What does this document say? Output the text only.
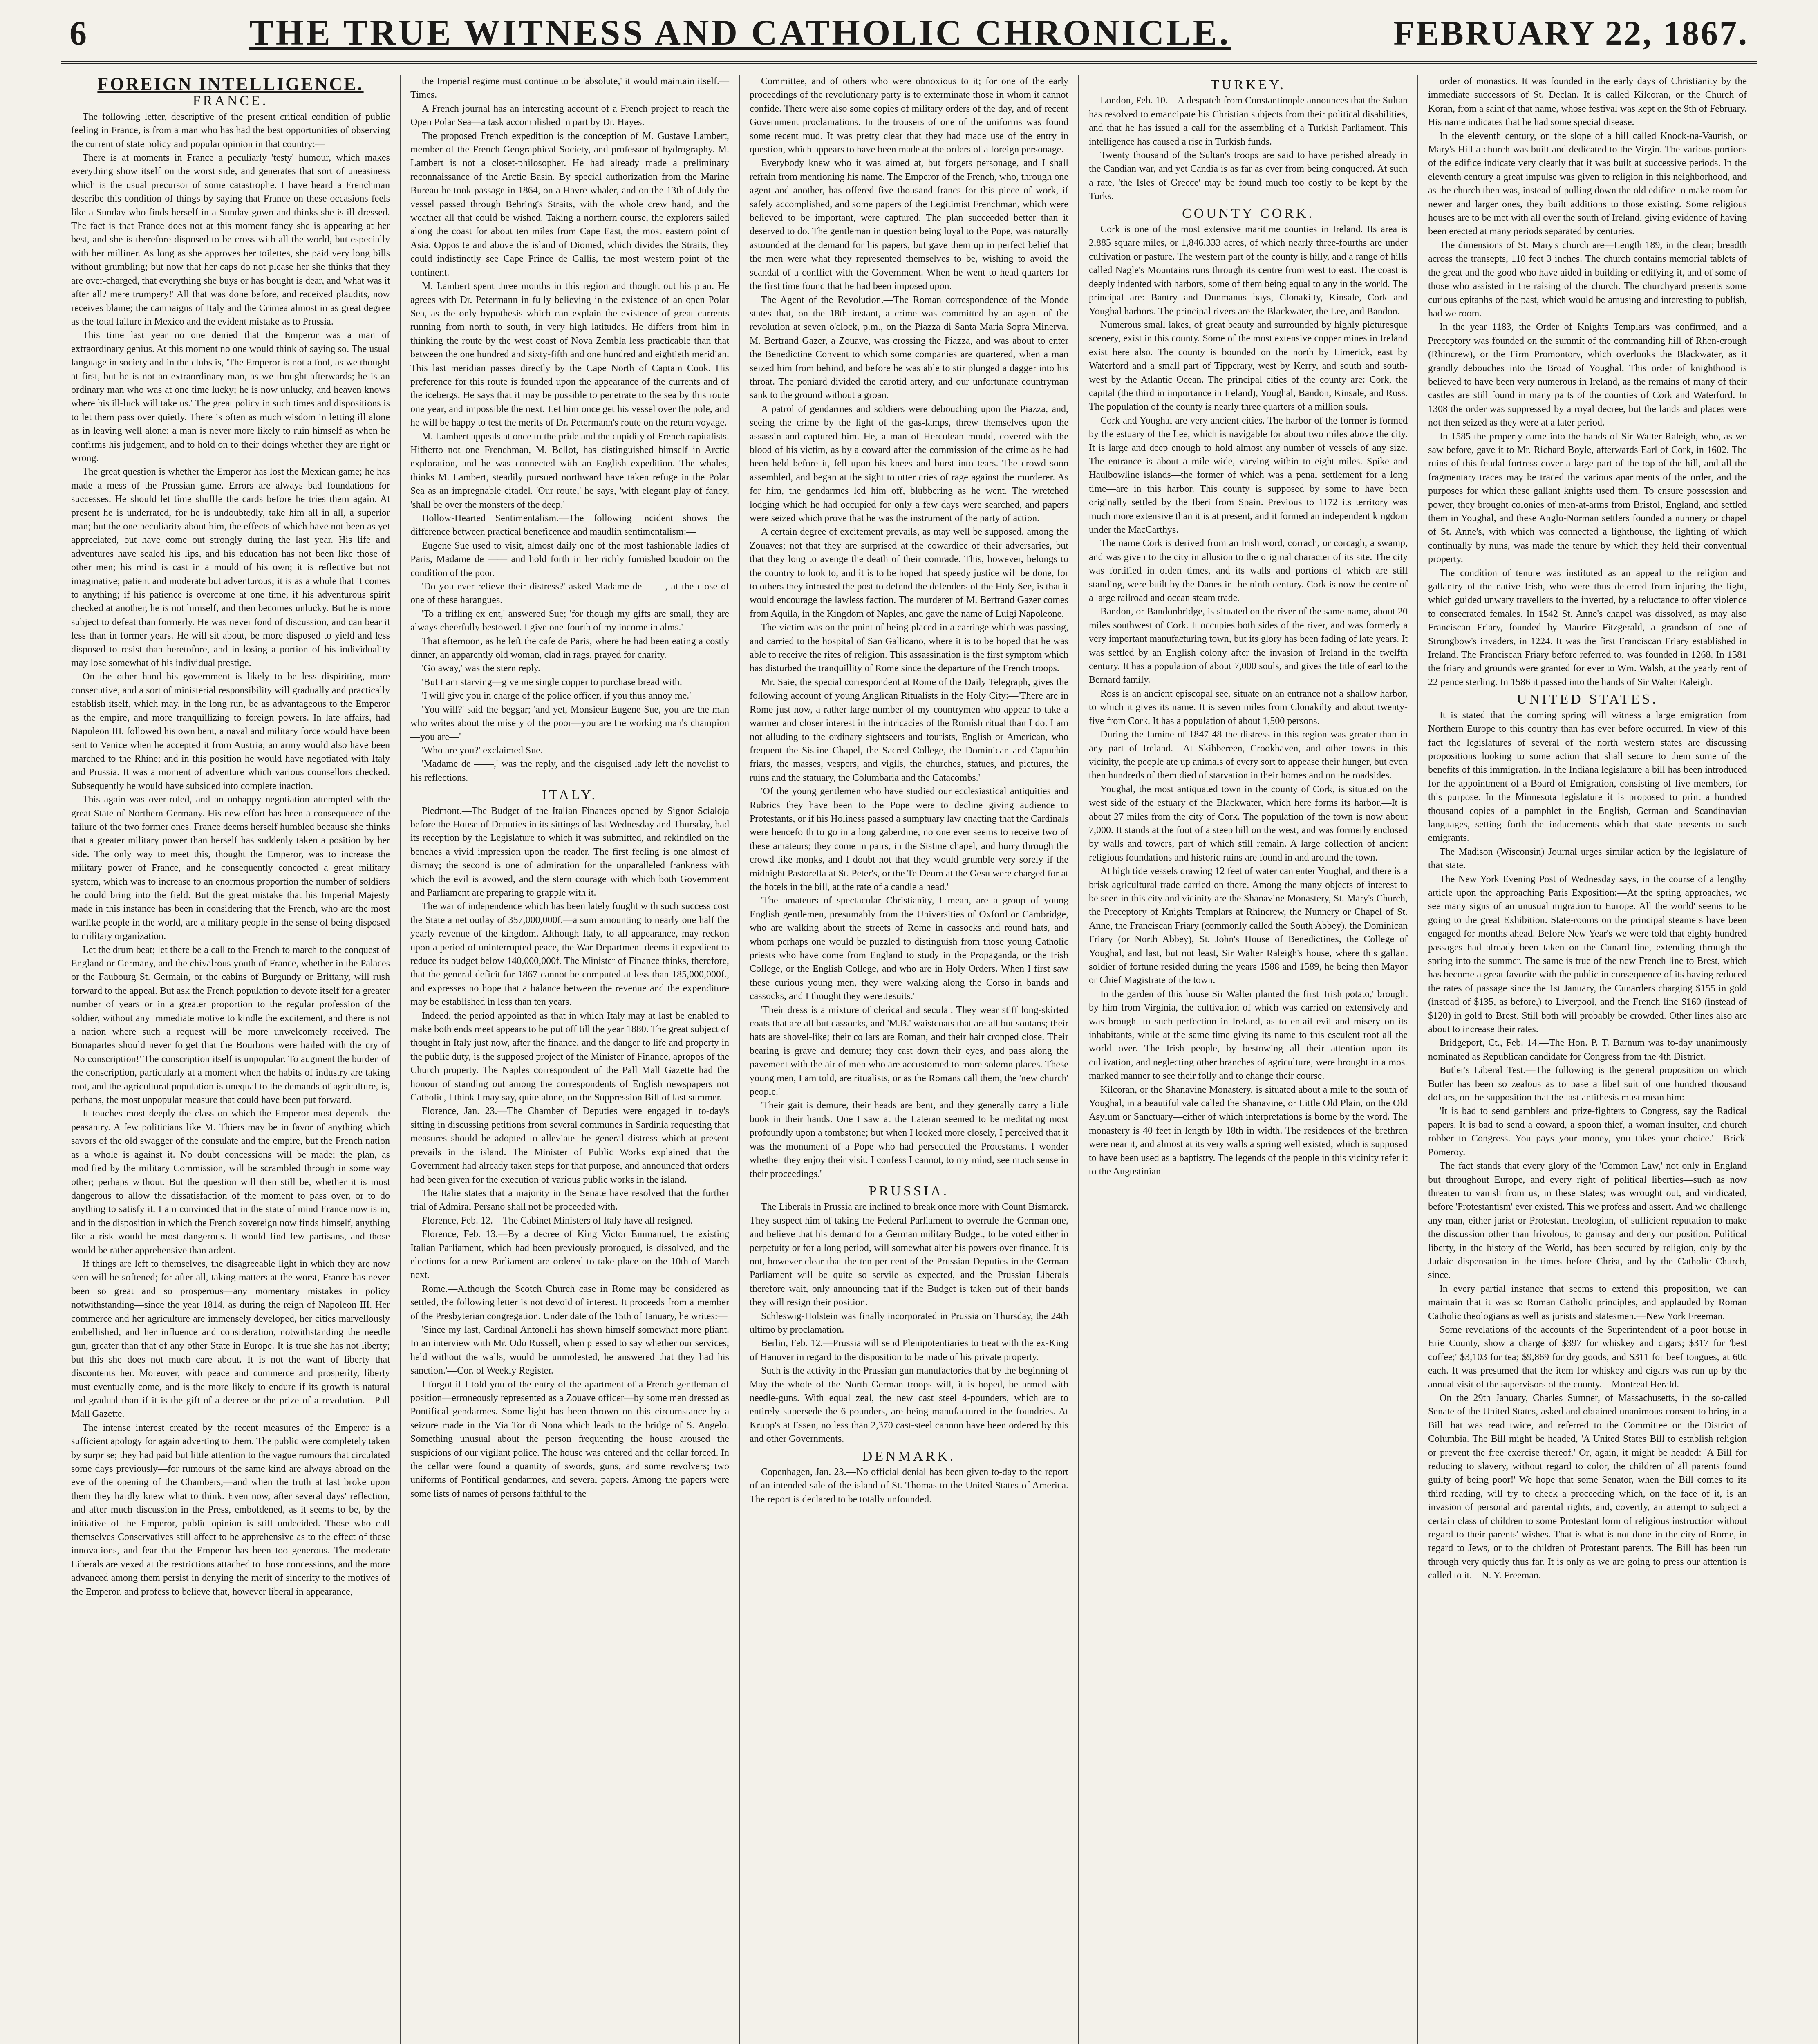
6	THE TRUE WITNESS AND CATHOLIC CHRONICLE.	FEBRUARY 22, 1867.
FOREIGN INTELLIGENCE.
FRANCE.

The following letter, descriptive of the present critical condition of public feeling in France, is from a man who has had the best opportunities of observing the current of state policy and popular opinion in that country:—

There is at moments in France a peculiarly 'testy' humour, which makes everything show itself on the worst side, and generates that sort of uneasiness which is the usual precursor of some catastrophe. I have heard a Frenchman describe this condition of things by saying that France on these occasions feels like a Sunday who finds herself in a Sunday gown and thinks she is ill-dressed. The fact is that France does not at this moment fancy she is appearing at her best, and she is therefore disposed to be cross with all the world, but especially with her milliner. As long as she approves her toilettes, she paid very long bills without grumbling; but now that her caps do not please her she thinks that they are over-charged, that everything she buys or has bought is dear, and 'what was it after all? mere trumpery!' All that was done before, and received plaudits, now receives blame; the campaigns of Italy and the Crimea almost in as great degree as the total failure in Mexico and the evident mistake as to Prussia.

This time last year no one denied that the Emperor was a man of extraordinary genius. At this moment no one would think of saying so. The usual language in society and in the clubs is, 'The Emperor is not a fool, as we thought at first, but he is not an extraordinary man, as we thought afterwards; he is an ordinary man who was at one time lucky; he is now unlucky, and heaven knows where his ill-luck will take us.' The great policy in such times and dispositions is to let them pass over quietly. There is often as much wisdom in letting ill alone as in leaving well alone; a man is never more likely to ruin himself as when he confirms his judgement, and to hold on to their doings whether they are right or wrong.

The great question is whether the Emperor has lost the Mexican game; he has made a mess of the Prussian game. Errors are always bad foundations for successes. He should let time shuffle the cards before he tries them again. At present he is underrated, for he is undoubtedly, take him all in all, a superior man; but the one peculiarity about him, the effects of which have not been as yet appreciated, but have come out strongly during the last year. His life and adventures have sealed his lips, and his education has not been like those of other men; his mind is cast in a mould of his own; it is reflective but not imaginative; patient and moderate but adventurous; it is as a whole that it comes to anything; if his patience is overcome at one time, if his adventurous spirit checked at another, he is not himself, and then becomes unlucky. But he is more subject to defeat than formerly. He was never fond of discussion, and can bear it less than in former years. He will sit about, be more disposed to yield and less disposed to resist than heretofore, and in losing a portion of his individuality may lose somewhat of his individual prestige.

On the other hand his government is likely to be less dispiriting, more consecutive, and a sort of ministerial responsibility will gradually and practically establish itself, which may, in the long run, be as advantageous to the Emperor as the empire, and more tranquillizing to foreign powers. In late affairs, had Napoleon III. followed his own bent, a naval and military force would have been sent to Venice when he accepted it from Austria; an army would also have been marched to the Rhine; and in this position he would have negotiated with Italy and Prussia. It was a moment of adventure which various counsellors checked. Subsequently he would have subsided into complete inaction.

This again was over-ruled, and an unhappy negotiation attempted with the great State of Northern Germany. His new effort has been a consequence of the failure of the two former ones. France deems herself humbled because she thinks that a greater military power than herself has suddenly taken a position by her side. The only way to meet this, thought the Emperor, was to increase the military power of France, and he consequently concocted a great military system, which was to increase to an enormous proportion the number of soldiers he could bring into the field. But the great mistake that his Imperial Majesty made in this instance has been in considering that the French, who are the most warlike people in the world, are a military people in the sense of being disposed to military organization.

Let the drum beat; let there be a call to the French to march to the conquest of England or Germany, and the chivalrous youth of France, whether in the Palaces or the Faubourg St. Germain, or the cabins of Burgundy or Brittany, will rush forward to the appeal. But ask the French population to devote itself for a greater number of years or in a greater proportion to the regular profession of the soldier, without any immediate motive to kindle the excitement, and there is not a nation where such a request will be more unwelcomely received. The Bonapartes should never forget that the Bourbons were hailed with the cry of 'No conscription!' The conscription itself is unpopular. To augment the burden of the conscription, particularly at a moment when the habits of industry are taking root, and the agricultural population is unequal to the demands of agriculture, is, perhaps, the most unpopular measure that could have been put forward.

It touches most deeply the class on which the Emperor most depends—the peasantry. A few politicians like M. Thiers may be in favor of anything which savors of the old swagger of the consulate and the empire, but the French nation as a whole is against it. No doubt concessions will be made; the plan, as modified by the military Commission, will be scrambled through in some way other; perhaps without. But the question will then still be, whether it is most dangerous to allow the dissatisfaction of the moment to pass over, or to do anything to satisfy it. I am convinced that in the state of mind France now is in, and in the disposition in which the French sovereign now finds himself, anything like a risk would be most dangerous. It would find few partisans, and those would be rather apprehensive than ardent.

If things are left to themselves, the disagreeable light in which they are now seen will be softened; for after all, taking matters at the worst, France has never been so great and so prosperous—any momentary mistakes in policy notwithstanding—since the year 1814, as during the reign of Napoleon III. Her commerce and her agriculture are immensely developed, her cities marvellously embellished, and her influence and consideration, notwithstanding the needle gun, greater than that of any other State in Europe. It is true she has not liberty; but this she does not much care about. It is not the want of liberty that discontents her. Moreover, with peace and commerce and prosperity, liberty must eventually come, and is the more likely to endure if its growth is natural and gradual than if it is the gift of a decree or the prize of a revolution.—Pall Mall Gazette.

The intense interest created by the recent measures of the Emperor is a sufficient apology for again adverting to them. The public were completely taken by surprise; they had paid but little attention to the vague rumours that circulated some days previously—for rumours of the same kind are always abroad on the eve of the opening of the Chambers,—and when the truth at last broke upon them they hardly knew what to think. Even now, after several days' reflection, and after much discussion in the Press, emboldened, as it seems to be, by the initiative of the Emperor, public opinion is still undecided. Those who call themselves Conservatives still affect to be apprehensive as to the effect of these innovations, and fear that the Emperor has been too generous. The moderate Liberals are vexed at the restrictions attached to those concessions, and the more advanced among them persist in denying the merit of sincerity to the motives of the Emperor, and profess to believe that, however liberal in appearance,

the Imperial regime must continue to be 'absolute,' it would maintain itself.—Times.

A French journal has an interesting account of a French project to reach the Open Polar Sea—a task accomplished in part by Dr. Hayes.

The proposed French expedition is the conception of M. Gustave Lambert, member of the French Geographical Society, and professor of hydrography. M. Lambert is not a closet-philosopher. He had already made a preliminary reconnaissance of the Arctic Basin. By special authorization from the Marine Bureau he took passage in 1864, on a Havre whaler, and on the 13th of July the vessel passed through Behring's Straits, with the whole crew hand, and the weather all that could be wished. Taking a northern course, the explorers sailed along the coast for about ten miles from Cape East, the most eastern point of Asia. Opposite and above the island of Diomed, which divides the Straits, they could indistinctly see Cape Prince de Gallis, the most western point of the continent.

M. Lambert spent three months in this region and thought out his plan. He agrees with Dr. Petermann in fully believing in the existence of an open Polar Sea, as the only hypothesis which can explain the existence of great currents running from north to south, in very high latitudes. He differs from him in thinking the route by the west coast of Nova Zembla less practicable than that between the one hundred and sixty-fifth and one hundred and eightieth meridian. This last meridian passes directly by the Cape North of Captain Cook. His preference for this route is founded upon the appearance of the currents and of the icebergs. He says that it may be possible to penetrate to the sea by this route one year, and impossible the next. Let him once get his vessel over the pole, and he will be happy to test the merits of Dr. Petermann's route on the return voyage.

M. Lambert appeals at once to the pride and the cupidity of French capitalists. Hitherto not one Frenchman, M. Bellot, has distinguished himself in Arctic exploration, and he was connected with an English expedition. The whales, thinks M. Lambert, steadily pursued northward have taken refuge in the Polar Sea as an impregnable citadel. 'Our route,' he says, 'with elegant play of fancy, 'shall be over the monsters of the deep.'

Hollow-Hearted Sentimentalism.—The following incident shows the difference between practical beneficence and maudlin sentimentalism:—

Eugene Sue used to visit, almost daily one of the most fashionable ladies of Paris, Madame de —— and hold forth in her richly furnished boudoir on the condition of the poor.

'Do you ever relieve their distress?' asked Madame de ——, at the close of one of these harangues.

'To a trifling ex ent,' answered Sue; 'for though my gifts are small, they are always cheerfully bestowed. I give one-fourth of my income in alms.'

That afternoon, as he left the cafe de Paris, where he had been eating a costly dinner, an apparently old woman, clad in rags, prayed for charity.

'Go away,' was the stern reply.

'But I am starving—give me single copper to purchase bread with.'

'I will give you in charge of the police officer, if you thus annoy me.'

'You will?' said the beggar; 'and yet, Monsieur Eugene Sue, you are the man who writes about the misery of the poor—you are the working man's champion—you are—'

'Who are you?' exclaimed Sue.

'Madame de ——,' was the reply, and the disguised lady left the novelist to his reflections.

ITALY.

Piedmont.—The Budget of the Italian Finances opened by Signor Scialoja before the House of Deputies in its sittings of last Wednesday and Thursday, had its reception by the Legislature to which it was submitted, and rekindled on the benches a vivid impression upon the reader. The first feeling is one almost of dismay; the second is one of admiration for the unparalleled frankness with which the evil is avowed, and the stern courage with which both Government and Parliament are preparing to grapple with it.

The war of independence which has been lately fought with such success cost the State a net outlay of 357,000,000f.—a sum amounting to nearly one half the yearly revenue of the kingdom. Although Italy, to all appearance, may reckon upon a period of uninterrupted peace, the War Department deems it expedient to reduce its budget below 140,000,000f. The Minister of Finance thinks, therefore, that the general deficit for 1867 cannot be computed at less than 185,000,000f., and expresses no hope that a balance between the revenue and the expenditure may be established in less than ten years.

Indeed, the period appointed as that in which Italy may at last be enabled to make both ends meet appears to be put off till the year 1880. The great subject of thought in Italy just now, after the finance, and the danger to life and property in the public duty, is the supposed project of the Minister of Finance, apropos of the Church property. The Naples correspondent of the Pall Mall Gazette had the honour of standing out among the correspondents of English newspapers not Catholic, I think I may say, quite alone, on the Suppression Bill of last summer.

Florence, Jan. 23.—The Chamber of Deputies were engaged in to-day's sitting in discussing petitions from several communes in Sardinia requesting that measures should be adopted to alleviate the general distress which at present prevails in the island. The Minister of Public Works explained that the Government had already taken steps for that purpose, and announced that orders had been given for the execution of various public works in the island.

The Italie states that a majority in the Senate have resolved that the further trial of Admiral Persano shall not be proceeded with.

Florence, Feb. 12.—The Cabinet Ministers of Italy have all resigned.

Florence, Feb. 13.—By a decree of King Victor Emmanuel, the existing Italian Parliament, which had been previously prorogued, is dissolved, and the elections for a new Parliament are ordered to take place on the 10th of March next.

Rome.—Although the Scotch Church case in Rome may be considered as settled, the following letter is not devoid of interest. It proceeds from a member of the Presbyterian congregation. Under date of the 15th of January, he writes:—

'Since my last, Cardinal Antonelli has shown himself somewhat more pliant. In an interview with Mr. Odo Russell, when pressed to say whether our services, held without the walls, would be unmolested, he answered that they had his sanction.'—Cor. of Weekly Register.

I forgot if I told you of the entry of the apartment of a French gentleman of position—erroneously represented as a Zouave officer—by some men dressed as Pontifical gendarmes. Some light has been thrown on this circumstance by a seizure made in the Via Tor di Nona which leads to the bridge of S. Angelo. Something unusual about the person frequenting the house aroused the suspicions of our vigilant police. The house was entered and the cellar forced. In the cellar were found a quantity of swords, guns, and some revolvers; two uniforms of Pontifical gendarmes, and several papers. Among the papers were some lists of names of persons faithful to the

Committee, and of others who were obnoxious to it; for one of the early proceedings of the revolutionary party is to exterminate those in whom it cannot confide. There were also some copies of military orders of the day, and of recent Government proclamations. In the trousers of one of the uniforms was found some recent mud. It was pretty clear that they had made use of the entry in question, which appears to have been made at the orders of a foreign personage.

Everybody knew who it was aimed at, but forgets personage, and I shall refrain from mentioning his name. The Emperor of the French, who, through one agent and another, has offered five thousand francs for this piece of work, if safely accomplished, and some papers of the Legitimist Frenchman, which were believed to be important, were captured. The plan succeeded better than it deserved to do. The gentleman in question being loyal to the Pope, was naturally astounded at the demand for his papers, but gave them up in perfect belief that the men were what they represented themselves to be, wishing to avoid the scandal of a conflict with the Government. When he went to head quarters for the first time found that he had been imposed upon.

The Agent of the Revolution.—The Roman correspondence of the Monde states that, on the 18th instant, a crime was committed by an agent of the revolution at seven o'clock, p.m., on the Piazza di Santa Maria Sopra Minerva. M. Bertrand Gazer, a Zouave, was crossing the Piazza, and was about to enter the Benedictine Convent to which some companies are quartered, when a man seized him from behind, and before he was able to stir plunged a dagger into his throat. The poniard divided the carotid artery, and our unfortunate countryman sank to the ground without a groan.

A patrol of gendarmes and soldiers were debouching upon the Piazza, and, seeing the crime by the light of the gas-lamps, threw themselves upon the assassin and captured him. He, a man of Herculean mould, covered with the blood of his victim, as by a coward after the commission of the crime as he had been held before it, fell upon his knees and burst into tears. The crowd soon assembled, and began at the sight to utter cries of rage against the murderer. As for him, the gendarmes led him off, blubbering as he went. The wretched lodging which he had occupied for only a few days were searched, and papers were seized which prove that he was the instrument of the party of action.

A certain degree of excitement prevails, as may well be supposed, among the Zouaves; not that they are surprised at the cowardice of their adversaries, but that they long to avenge the death of their comrade. This, however, belongs to the country to look to, and it is to be hoped that speedy justice will be done, for to others they intrusted the post to defend the defenders of the Holy See, is that it would encourage the lawless faction. The murderer of M. Bertrand Gazer comes from Aquila, in the Kingdom of Naples, and gave the name of Luigi Napoleone.

The victim was on the point of being placed in a carriage which was passing, and carried to the hospital of San Gallicano, where it is to be hoped that he was able to receive the rites of religion. This assassination is the first symptom which has disturbed the tranquillity of Rome since the departure of the French troops.

Mr. Saie, the special correspondent at Rome of the Daily Telegraph, gives the following account of young Anglican Ritualists in the Holy City:—'There are in Rome just now, a rather large number of my countrymen who appear to take a warmer and closer interest in the intricacies of the Romish ritual than I do. I am not alluding to the ordinary sightseers and tourists, English or American, who frequent the Sistine Chapel, the Sacred College, the Dominican and Capuchin friars, the masses, vespers, and vigils, the churches, statues, and pictures, the ruins and the statuary, the Columbaria and the Catacombs.'

'Of the young gentlemen who have studied our ecclesiastical antiquities and Rubrics they have been to the Pope were to decline giving audience to Protestants, or if his Holiness passed a sumptuary law enacting that the Cardinals were henceforth to go in a long gaberdine, no one ever seems to receive two of these amateurs; they come in pairs, in the Sistine chapel, and hurry through the crowd like monks, and I doubt not that they would grumble very sorely if the midnight Pastorella at St. Peter's, or the Te Deum at the Gesu were charged for at the hotels in the bill, at the rate of a candle a head.'

'The amateurs of spectacular Christianity, I mean, are a group of young English gentlemen, presumably from the Universities of Oxford or Cambridge, who are walking about the streets of Rome in cassocks and round hats, and whom perhaps one would be puzzled to distinguish from those young Catholic priests who have come from England to study in the Propaganda, or the Irish College, or the English College, and who are in Holy Orders. When I first saw these curious young men, they were walking along the Corso in bands and cassocks, and I thought they were Jesuits.'

'Their dress is a mixture of clerical and secular. They wear stiff long-skirted coats that are all but cassocks, and 'M.B.' waistcoats that are all but soutans; their hats are shovel-like; their collars are Roman, and their hair cropped close. Their bearing is grave and demure; they cast down their eyes, and pass along the pavement with the air of men who are accustomed to more solemn places. These young men, I am told, are ritualists, or as the Romans call them, the 'new church' people.'

'Their gait is demure, their heads are bent, and they generally carry a little book in their hands. One I saw at the Lateran seemed to be meditating most profoundly upon a tombstone; but when I looked more closely, I perceived that it was the monument of a Pope who had persecuted the Protestants. I wonder whether they enjoy their visit. I confess I cannot, to my mind, see much sense in their proceedings.'

PRUSSIA.

The Liberals in Prussia are inclined to break once more with Count Bismarck. They suspect him of taking the Federal Parliament to overrule the German one, and believe that his demand for a German military Budget, to be voted either in perpetuity or for a long period, will somewhat alter his powers over finance. It is not, however clear that the ten per cent of the Prussian Deputies in the German Parliament will be quite so servile as expected, and the Prussian Liberals therefore wait, only announcing that if the Budget is taken out of their hands they will resign their position.

Schleswig-Holstein was finally incorporated in Prussia on Thursday, the 24th ultimo by proclamation.

Berlin, Feb. 12.—Prussia will send Plenipotentiaries to treat with the ex-King of Hanover in regard to the disposition to be made of his private property.

Such is the activity in the Prussian gun manufactories that by the beginning of May the whole of the North German troops will, it is hoped, be armed with needle-guns. With equal zeal, the new cast steel 4-pounders, which are to entirely supersede the 6-pounders, are being manufactured in the foundries. At Krupp's at Essen, no less than 2,370 cast-steel cannon have been ordered by this and other Governments.

DENMARK.

Copenhagen, Jan. 23.—No official denial has been given to-day to the report of an intended sale of the island of St. Thomas to the United States of America. The report is declared to be totally unfounded.

TURKEY.

London, Feb. 10.—A despatch from Constantinople announces that the Sultan has resolved to emancipate his Christian subjects from their political disabilities, and that he has issued a call for the assembling of a Turkish Parliament. This intelligence has caused a rise in Turkish funds.

Twenty thousand of the Sultan's troops are said to have perished already in the Candian war, and yet Candia is as far as ever from being conquered. At such a rate, 'the Isles of Greece' may be found much too costly to be kept by the Turks.

COUNTY CORK.

Cork is one of the most extensive maritime counties in Ireland. Its area is 2,885 square miles, or 1,846,333 acres, of which nearly three-fourths are under cultivation or pasture. The western part of the county is hilly, and a range of hills called Nagle's Mountains runs through its centre from west to east. The coast is deeply indented with harbors, some of them being equal to any in the world. The principal are: Bantry and Dunmanus bays, Clonakilty, Kinsale, Cork and Youghal harbors. The principal rivers are the Blackwater, the Lee, and Bandon.

Numerous small lakes, of great beauty and surrounded by highly picturesque scenery, exist in this county. Some of the most extensive copper mines in Ireland exist here also. The county is bounded on the north by Limerick, east by Waterford and a small part of Tipperary, west by Kerry, and south and south-west by the Atlantic Ocean. The principal cities of the county are: Cork, the capital (the third in importance in Ireland), Youghal, Bandon, Kinsale, and Ross. The population of the county is nearly three quarters of a million souls.

Cork and Youghal are very ancient cities. The harbor of the former is formed by the estuary of the Lee, which is navigable for about two miles above the city. It is large and deep enough to hold almost any number of vessels of any size. The entrance is about a mile wide, varying within to eight miles. Spike and Haulbowline islands—the former of which was a penal settlement for a long time—are in this harbor. This county is supposed by some to have been originally settled by the Iberi from Spain. Previous to 1172 its territory was much more extensive than it is at present, and it formed an independent kingdom under the MacCarthys.

The name Cork is derived from an Irish word, corrach, or corcagh, a swamp, and was given to the city in allusion to the original character of its site. The city was fortified in olden times, and its walls and portions of which are still standing, were built by the Danes in the ninth century. Cork is now the centre of a large railroad and ocean steam trade.

Bandon, or Bandonbridge, is situated on the river of the same name, about 20 miles southwest of Cork. It occupies both sides of the river, and was formerly a very important manufacturing town, but its glory has been fading of late years. It was settled by an English colony after the invasion of Ireland in the twelfth century. It has a population of about 7,000 souls, and gives the title of earl to the Bernard family.

Ross is an ancient episcopal see, situate on an entrance not a shallow harbor, to which it gives its name. It is seven miles from Clonakilty and about twenty-five from Cork. It has a population of about 1,500 persons.

During the famine of 1847-48 the distress in this region was greater than in any part of Ireland.—At Skibbereen, Crookhaven, and other towns in this vicinity, the people ate up animals of every sort to appease their hunger, but even then hundreds of them died of starvation in their homes and on the roadsides.

Youghal, the most antiquated town in the county of Cork, is situated on the west side of the estuary of the Blackwater, which here forms its harbor.—It is about 27 miles from the city of Cork. The population of the town is now about 7,000. It stands at the foot of a steep hill on the west, and was formerly enclosed by walls and towers, part of which still remain. A large collection of ancient religious foundations and historic ruins are found in and around the town.

At high tide vessels drawing 12 feet of water can enter Youghal, and there is a brisk agricultural trade carried on there. Among the many objects of interest to be seen in this city and vicinity are the Shanavine Monastery, St. Mary's Church, the Preceptory of Knights Templars at Rhincrew, the Nunnery or Chapel of St. Anne, the Franciscan Friary (commonly called the South Abbey), the Dominican Friary (or North Abbey), St. John's House of Benedictines, the College of Youghal, and last, but not least, Sir Walter Raleigh's house, where this gallant soldier of fortune resided during the years 1588 and 1589, he being then Mayor or Chief Magistrate of the town.

In the garden of this house Sir Walter planted the first 'Irish potato,' brought by him from Virginia, the cultivation of which was carried on extensively and was brought to such perfection in Ireland, as to entail evil and misery on its inhabitants, while at the same time giving its name to this esculent root all the world over. The Irish people, by bestowing all their attention upon its cultivation, and neglecting other branches of agriculture, were brought in a most marked manner to see their folly and to change their course.

Kilcoran, or the Shanavine Monastery, is situated about a mile to the south of Youghal, in a beautiful vale called the Shanavine, or Little Old Plain, on the Old Asylum or Sanctuary—either of which interpretations is borne by the word. The monastery is 40 feet in length by 18th in width. The residences of the brethren were near it, and almost at its very walls a spring well existed, which is supposed to have been used as a baptistry. The legends of the people in this vicinity refer it to the Augustinian

order of monastics. It was founded in the early days of Christianity by the immediate successors of St. Declan. It is called Kilcoran, or the Church of Koran, from a saint of that name, whose festival was kept on the 9th of February. His name indicates that he had some special disease.

In the eleventh century, on the slope of a hill called Knock-na-Vaurish, or Mary's Hill a church was built and dedicated to the Virgin. The various portions of the edifice indicate very clearly that it was built at successive periods. In the eleventh century a great impulse was given to religion in this neighborhood, and as the church then was, instead of pulling down the old edifice to make room for newer and larger ones, they built additions to those existing. Some religious houses are to be met with all over the south of Ireland, giving evidence of having been erected at many periods separated by centuries.

The dimensions of St. Mary's church are—Length 189, in the clear; breadth across the transepts, 110 feet 3 inches. The church contains memorial tablets of the great and the good who have aided in building or edifying it, and of some of those who assisted in the raising of the church. The churchyard presents some curious epitaphs of the past, which would be amusing and interesting to publish, had we room.

In the year 1183, the Order of Knights Templars was confirmed, and a Preceptory was founded on the summit of the commanding hill of Rhen-crough (Rhincrew), or the Firm Promontory, which overlooks the Blackwater, as it grandly debouches into the Broad of Youghal. This order of knighthood is believed to have been very numerous in Ireland, as the remains of many of their castles are still found in many parts of the counties of Cork and Waterford. In 1308 the order was suppressed by a royal decree, but the lands and places were not then seized as they were at a later period.

In 1585 the property came into the hands of Sir Walter Raleigh, who, as we saw before, gave it to Mr. Richard Boyle, afterwards Earl of Cork, in 1602. The ruins of this feudal fortress cover a large part of the top of the hill, and all the fragmentary traces may be traced the various apartments of the order, and the purposes for which these gallant knights used them. To ensure possession and power, they brought colonies of men-at-arms from Bristol, England, and settled them in Youghal, and these Anglo-Norman settlers founded a nunnery or chapel of St. Anne's, with which was connected a lighthouse, the lighting of which continually by nuns, was made the tenure by which they held their conventual property.

The condition of tenure was instituted as an appeal to the religion and gallantry of the native Irish, who were thus deterred from injuring the light, which guided unwary travellers to the inverted, by a reluctance to offer violence to consecrated females. In 1542 St. Anne's chapel was dissolved, as may also Franciscan Friary, founded by Maurice Fitzgerald, a grandson of one of Strongbow's invaders, in 1224. It was the first Franciscan Friary established in Ireland. The Franciscan Friary before referred to, was founded in 1268. In 1581 the friary and grounds were granted for ever to Wm. Walsh, at the yearly rent of 22 pence sterling. In 1586 it passed into the hands of Sir Walter Raleigh.

UNITED STATES.

It is stated that the coming spring will witness a large emigration from Northern Europe to this country than has ever before occurred. In view of this fact the legislatures of several of the north western states are discussing propositions looking to some action that shall secure to them some of the benefits of this immigration. In the Indiana legislature a bill has been introduced for the appointment of a Board of Emigration, consisting of five members, for this purpose. In the Minnesota legislature it is proposed to print a hundred thousand copies of a pamphlet in the English, German and Scandinavian languages, setting forth the inducements which that state presents to such emigrants.

The Madison (Wisconsin) Journal urges similar action by the legislature of that state.

The New York Evening Post of Wednesday says, in the course of a lengthy article upon the approaching Paris Exposition:—At the spring approaches, we see many signs of an unusual migration to Europe. All the world' seems to be going to the great Exhibition. State-rooms on the principal steamers have been engaged for months ahead. Before New Year's we were told that eighty hundred passages had already been taken on the Cunard line, extending through the spring into the summer. The same is true of the new French line to Brest, which has become a great favorite with the public in consequence of its having reduced the rates of passage since the 1st January, the Cunarders charging $155 in gold (instead of $135, as before,) to Liverpool, and the French line $160 (instead of $120) in gold to Brest. Still both will probably be crowded. Other lines also are about to increase their rates.

Bridgeport, Ct., Feb. 14.—The Hon. P. T. Barnum was to-day unanimously nominated as Republican candidate for Congress from the 4th District.

Butler's Liberal Test.—The following is the general proposition on which Butler has been so zealous as to base a libel suit of one hundred thousand dollars, on the supposition that the last antithesis must mean him:—

'It is bad to send gamblers and prize-fighters to Congress, say the Radical papers. It is bad to send a coward, a spoon thief, a woman insulter, and church robber to Congress. You pays your money, you takes your choice.'—Brick' Pomeroy.

The fact stands that every glory of the 'Common Law,' not only in England but throughout Europe, and every right of political liberties—such as now threaten to vanish from us, in these States; was wrought out, and vindicated, before 'Protestantism' ever existed. This we profess and assert. And we challenge any man, either jurist or Protestant theologian, of sufficient reputation to make the discussion other than frivolous, to gainsay and deny our position. Political liberty, in the history of the World, has been secured by religion, only by the Judaic dispensation in the times before Christ, and by the Catholic Church, since.

In every partial instance that seems to extend this proposition, we can maintain that it was so Roman Catholic principles, and applauded by Roman Catholic theologians as well as jurists and statesmen.—New York Freeman.

Some revelations of the accounts of the Superintendent of a poor house in Erie County, show a charge of $397 for whiskey and cigars; $317 for 'best coffee;' $3,103 for tea; $9,869 for dry goods, and $311 for beef tongues, at 60c each. It was presumed that the item for whiskey and cigars was run up by the annual visit of the supervisors of the county.—Montreal Herald.

On the 29th January, Charles Sumner, of Massachusetts, in the so-called Senate of the United States, asked and obtained unanimous consent to bring in a Bill that was read twice, and referred to the Committee on the District of Columbia. The Bill might be headed, 'A United States Bill to establish religion or prevent the free exercise thereof.' Or, again, it might be headed: 'A Bill for reducing to slavery, without regard to color, the children of all parents found guilty of being poor!' We hope that some Senator, when the Bill comes to its third reading, will try to check a proceeding which, on the face of it, is an invasion of personal and parental rights, and, covertly, an attempt to subject a certain class of children to some Protestant form of religious instruction without regard to their parents' wishes. That is what is not done in the city of Rome, in regard to Jews, or to the children of Protestant parents. The Bill has been run through very quietly thus far. It is only as we are going to press our attention is called to it.—N. Y. Freeman.
